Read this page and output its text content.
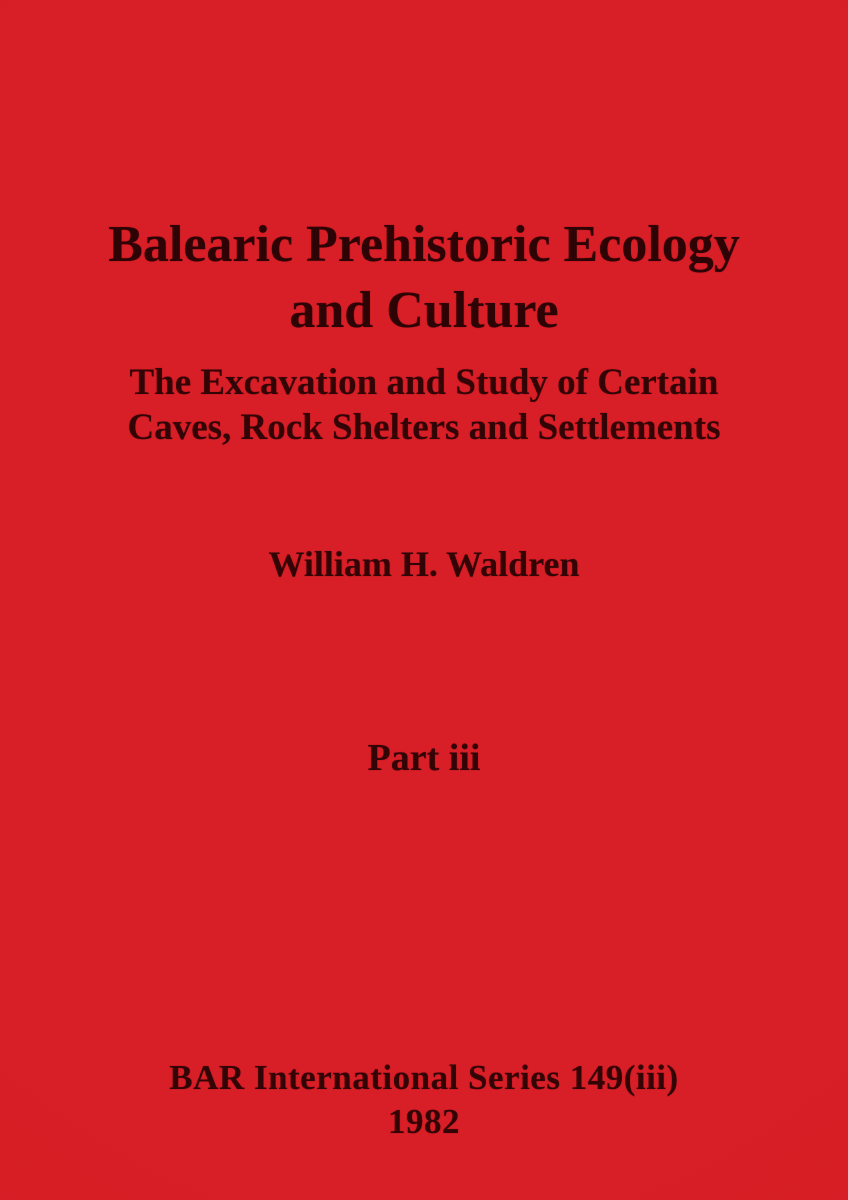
Balearic Prehistoric Ecology
and Culture
The Excavation and Study of Certain
Caves, Rock Shelters and Settlements
William H. Waldren
Part iii
BAR International Series 149(iii)
1982
